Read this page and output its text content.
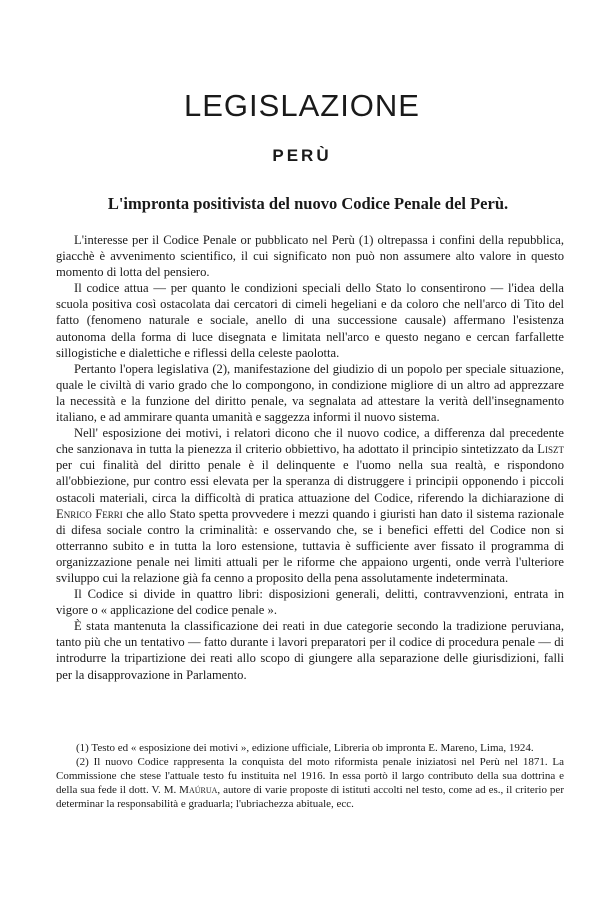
LEGISLAZIONE
PERÙ
L'impronta positivista del nuovo Codice Penale del Perù.

L'interesse per il Codice Penale or pubblicato nel Perù (1) oltrepassa i confini della repubblica, giacchè è avvenimento scientifico, il cui significato non può non assumere alto valore in questo momento di lotta del pensiero.

Il codice attua — per quanto le condizioni speciali dello Stato lo consentirono — l'idea della scuola positiva così ostacolata dai cercatori di cimeli hegeliani e da coloro che nell'arco di Tito del fatto (fenomeno naturale e sociale, anello di una successione causale) affermano l'esistenza autonoma della forma di luce disegnata e limitata nell'arco e questo negano e cercan farfallette sillogistiche e dialettiche e riflessi della celeste paolotta.

Pertanto l'opera legislativa (2), manifestazione del giudizio di un popolo per speciale situazione, quale le civiltà di vario grado che lo compongono, in condizione migliore di un altro ad apprezzare la necessità e la funzione del diritto penale, va segnalata ad attestare la verità dell'insegnamento italiano, e ad ammirare quanta umanità e saggezza informi il nuovo sistema.

Nell' esposizione dei motivi, i relatori dicono che il nuovo codice, a differenza dal precedente che sanzionava in tutta la pienezza il criterio obbiettivo, ha adottato il principio sintetizzato da Liszt per cui finalità del diritto penale è il delinquente e l'uomo nella sua realtà, e rispondono all'obbiezione, pur contro essi elevata per la speranza di distruggere i principii opponendo i piccoli ostacoli materiali, circa la difficoltà di pratica attuazione del Codice, riferendo la dichiarazione di Enrico Ferri che allo Stato spetta provvedere i mezzi quando i giuristi han dato il sistema razionale di difesa sociale contro la criminalità: e osservando che, se i benefici effetti del Codice non si otterranno subito e in tutta la loro estensione, tuttavia è sufficiente aver fissato il programma di organizzazione penale nei limiti attuali per le riforme che appaiono urgenti, onde verrà l'ulteriore sviluppo cui la relazione già fa cenno a proposito della pena assolutamente indeterminata.

Il Codice si divide in quattro libri: disposizioni generali, delitti, contravvenzioni, entrata in vigore o « applicazione del codice penale ».

È stata mantenuta la classificazione dei reati in due categorie secondo la tradizione peruviana, tanto più che un tentativo — fatto durante i lavori preparatori per il codice di procedura penale — di introdurre la tripartizione dei reati allo scopo di giungere alla separazione delle giurisdizioni, falli per la disapprovazione in Parlamento.

(1) Testo ed « esposizione dei motivi », edizione ufficiale, Libreria ob impronta E. Mareno, Lima, 1924.

(2) Il nuovo Codice rappresenta la conquista del moto riformista penale iniziatosi nel Perù nel 1871. La Commissione che stese l'attuale testo fu instituita nel 1916. In essa portò il largo contributo della sua dottrina e della sua fede il dott. V. M. Maúrua, autore di varie proposte di istituti accolti nel testo, come ad es., il criterio per determinar la responsabilità e graduarla; l'ubriachezza abituale, ecc.
